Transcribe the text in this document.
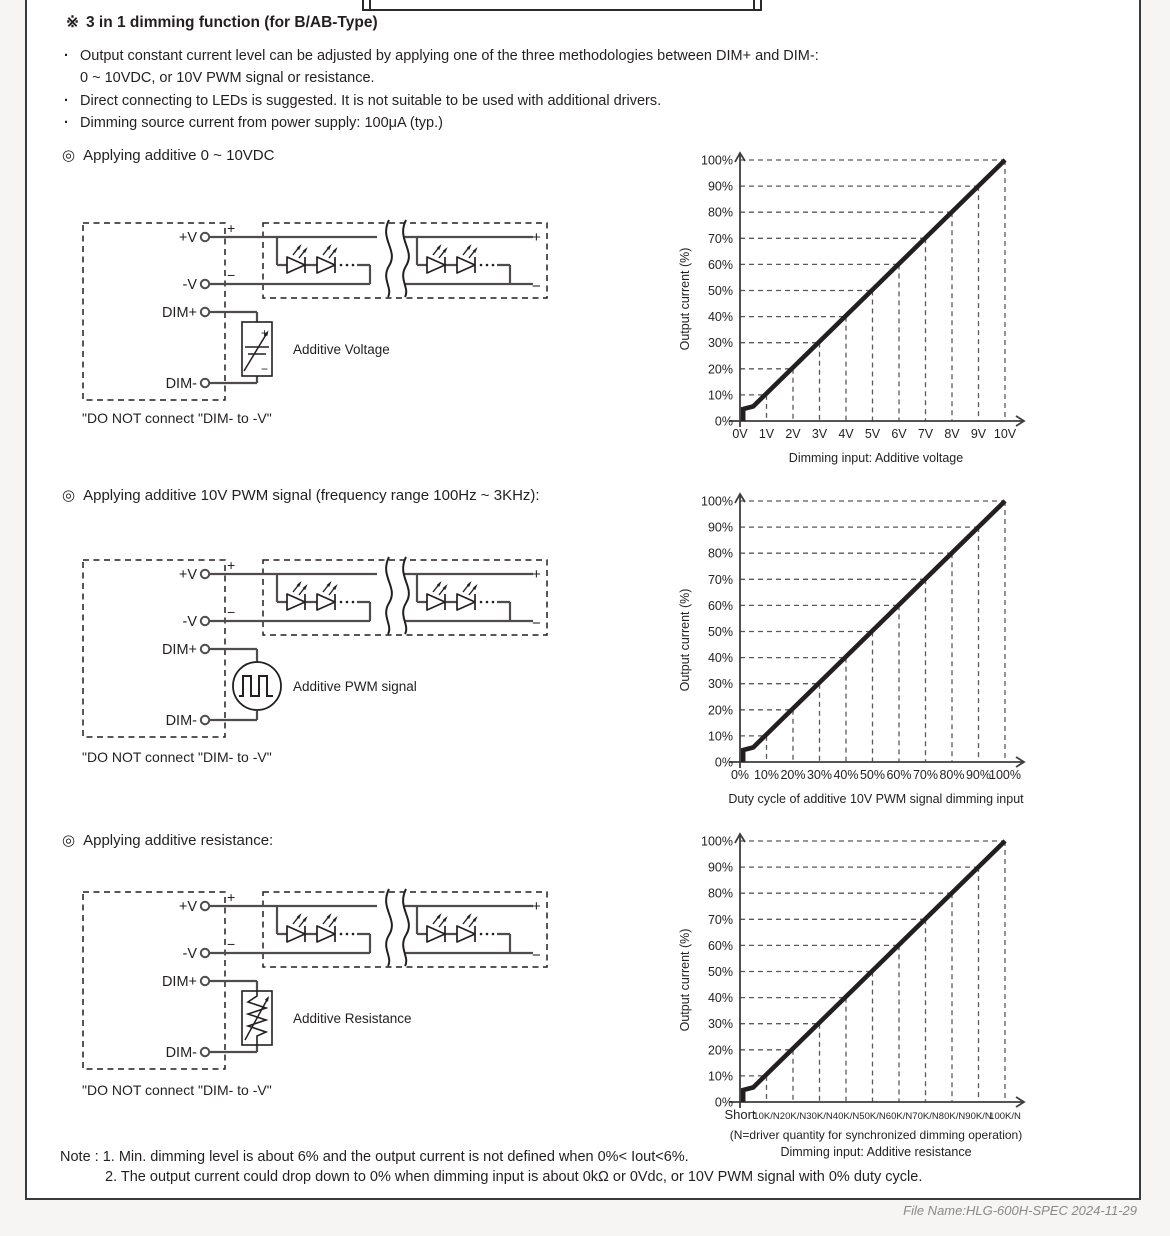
※ 3 in 1 dimming function (for B/AB-Type)
· Output constant current level can be adjusted by applying one of the three methodologies between DIM+ and DIM-:
0 ~ 10VDC, or 10V PWM signal or resistance.
· Direct connecting to LEDs is suggested. It is not suitable to be used with additional drivers.
· Dimming source current from power supply: 100μA (typ.)
◎ Applying additive 0 ~ 10VDC
+V
-V
DIM+
DIM-
+
−
+
−
+
−
Additive Voltage
"DO NOT connect "DIM- to -V"	0%
10%
20%
30%
40%
50%
60%
70%
80%
90%
100%
0V 1V 2V 3V 4V 5V 6V 7V 8V 9V 10V
Output current (%)
Dimming input: Additive voltage
◎ Applying additive 10V PWM signal (frequency range 100Hz ~ 3KHz):
+V
-V
DIM+
DIM-
+
−
+
−
Additive PWM signal
"DO NOT connect "DIM- to -V"	0%
10%
20%
30%
40%
50%
60%
70%
80%
90%
100%
0% 10% 20% 30% 40% 50% 60% 70% 80% 90%
100%
Output current (%)
Duty cycle of additive 10V PWM signal dimming input
◎ Applying additive resistance:
+V
-V
DIM+
DIM-
+
−
+
−
Additive Resistance
"DO NOT connect "DIM- to -V"
0%
10%
20%
30%
40%
50%
60%
70%
80%
90%
100%
Short
10K/N 20K/N 30K/N 40K/N 50K/N 60K/N 70K/N 80K/N 90K/N
100K/N
Output current (%)
(N=driver quantity for synchronized dimming operation)
Dimming input: Additive resistance
Note : 1. Min. dimming level is about 6% and the output current is not defined when 0%< Iout<6%.
2. The output current could drop down to 0% when dimming input is about 0kΩ or 0Vdc, or 10V PWM signal with 0% duty cycle.
File Name:HLG-600H-SPEC 2024-11-29
